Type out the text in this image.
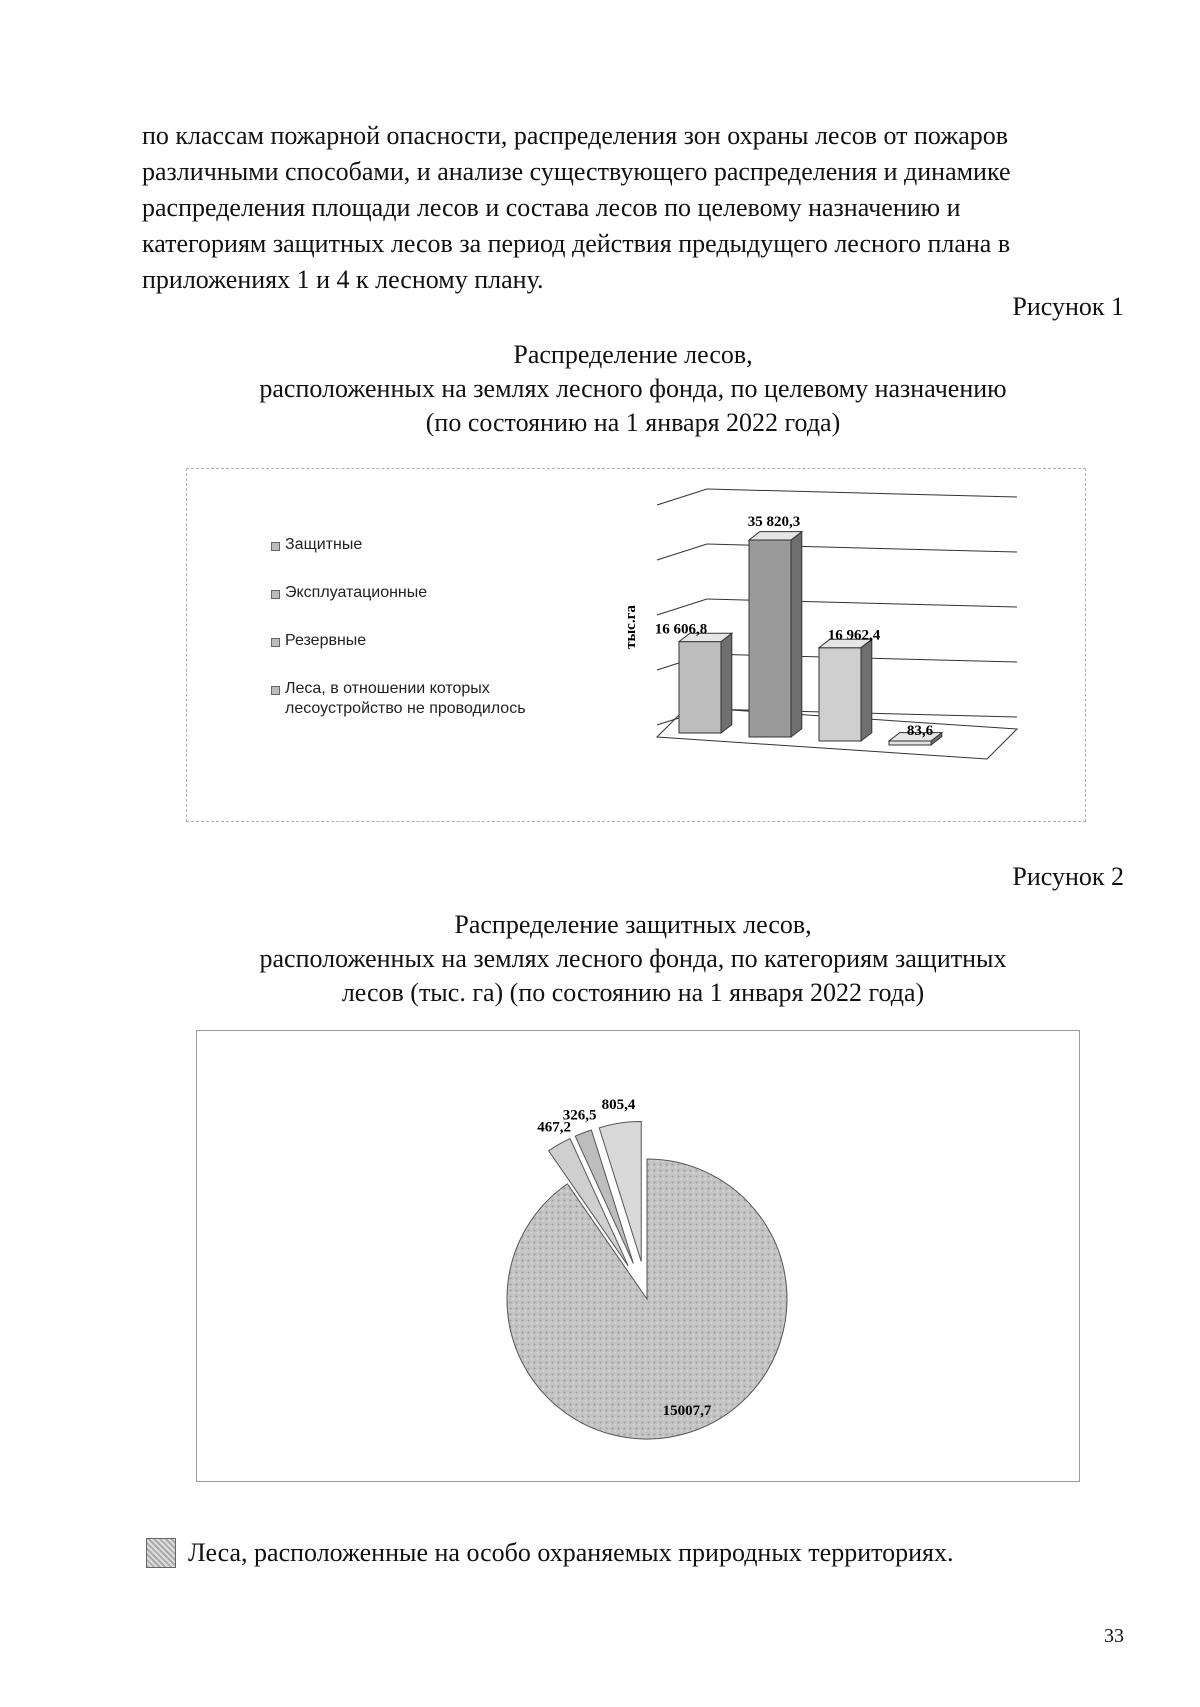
по классам пожарной опасности, распределения зон охраны лесов от пожаров
различными способами, и анализе существующего распределения и динамике
распределения площади лесов и состава лесов по целевому назначению и
категориям защитных лесов за период действия предыдущего лесного плана в
приложениях 1 и 4 к лесному плану.
Рисунок 1
Распределение лесов,
расположенных на землях лесного фонда, по целевому назначению
(по состоянию на 1 января 2022 года)
Защитные
Эксплуатационные
Резервные
Леса, в отношении которых
лесоустройство не проводилось
тыс.га 16 606,8
35 820,3
16 962,4
83,6
Рисунок 2
Распределение защитных лесов,
расположенных на землях лесного фонда, по категориям защитных
лесов (тыс. га) (по состоянию на 1 января 2022 года)
15007,7
467,2
326,5
805,4
Леса, расположенные на особо охраняемых природных территориях.
33
